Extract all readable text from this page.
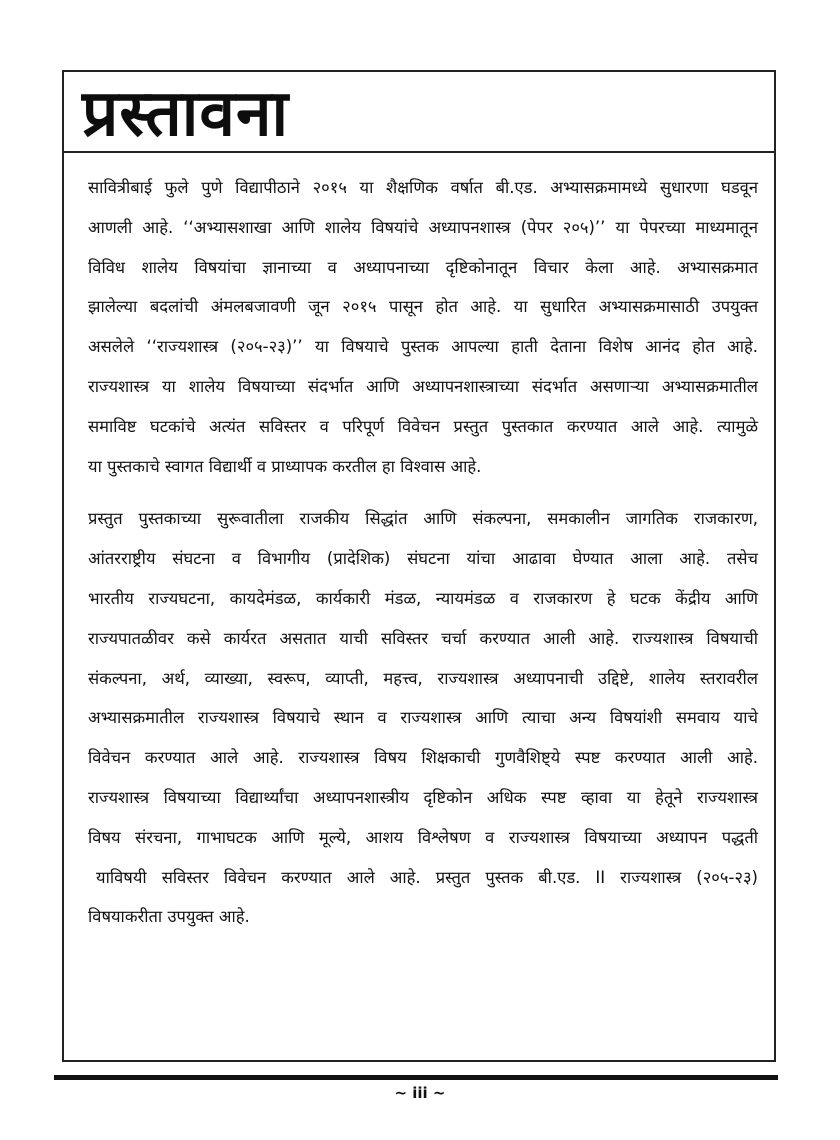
प्रस्तावना
सावित्रीबाई फुले पुणे विद्यापीठाने २०१५ या शैक्षणिक वर्षात बी.एड. अभ्यासक्रमामध्ये सुधारणा घडवून
आणली आहे. ‘‘अभ्यासशाखा आणि शालेय विषयांचे अध्यापनशास्त्र (पेपर २०५)’’ या पेपरच्या माध्यमातून
विविध शालेय विषयांचा ज्ञानाच्या व अध्यापनाच्या दृष्टिकोनातून विचार केला आहे. अभ्यासक्रमात
झालेल्या बदलांची अंमलबजावणी जून २०१५ पासून होत आहे. या सुधारित अभ्यासक्रमासाठी उपयुक्त
असलेले ‘‘राज्यशास्त्र (२०५-२३)’’ या विषयाचे पुस्तक आपल्या हाती देताना विशेष आनंद होत आहे.
राज्यशास्त्र या शालेय विषयाच्या संदर्भात आणि अध्यापनशास्त्राच्या संदर्भात असणाऱ्या अभ्यासक्रमातील
समाविष्ट घटकांचे अत्यंत सविस्तर व परिपूर्ण विवेचन प्रस्तुत पुस्तकात करण्यात आले आहे. त्यामुळे
या पुस्तकाचे स्वागत विद्यार्थी व प्राध्यापक करतील हा विश्वास आहे.
प्रस्तुत पुस्तकाच्या सुरूवातीला राजकीय सिद्धांत आणि संकल्पना, समकालीन जागतिक राजकारण,
आंतरराष्ट्रीय संघटना व विभागीय (प्रादेशिक) संघटना यांचा आढावा घेण्यात आला आहे. तसेच
भारतीय राज्यघटना, कायदेमंडळ, कार्यकारी मंडळ, न्यायमंडळ व राजकारण हे घटक केंद्रीय आणि
राज्यपातळीवर कसे कार्यरत असतात याची सविस्तर चर्चा करण्यात आली आहे. राज्यशास्त्र विषयाची
संकल्पना, अर्थ, व्याख्या, स्वरूप, व्याप्ती, महत्त्व, राज्यशास्त्र अध्यापनाची उद्दिष्टे, शालेय स्तरावरील
अभ्यासक्रमातील राज्यशास्त्र विषयाचे स्थान व राज्यशास्त्र आणि त्याचा अन्य विषयांशी समवाय याचे
विवेचन करण्यात आले आहे. राज्यशास्त्र विषय शिक्षकाची गुणवैशिष्ट्ये स्पष्ट करण्यात आली आहे.
राज्यशास्त्र विषयाच्या विद्यार्थ्यांचा अध्यापनशास्त्रीय दृष्टिकोन अधिक स्पष्ट व्हावा या हेतूने राज्यशास्त्र
विषय संरचना, गाभाघटक आणि मूल्ये, आशय विश्लेषण व राज्यशास्त्र विषयाच्या अध्यापन पद्धती
याविषयी सविस्तर विवेचन करण्यात आले आहे. प्रस्तुत पुस्तक बी.एड. II राज्यशास्त्र (२०५-२३)
विषयाकरीता उपयुक्त आहे.
~ iii ~
